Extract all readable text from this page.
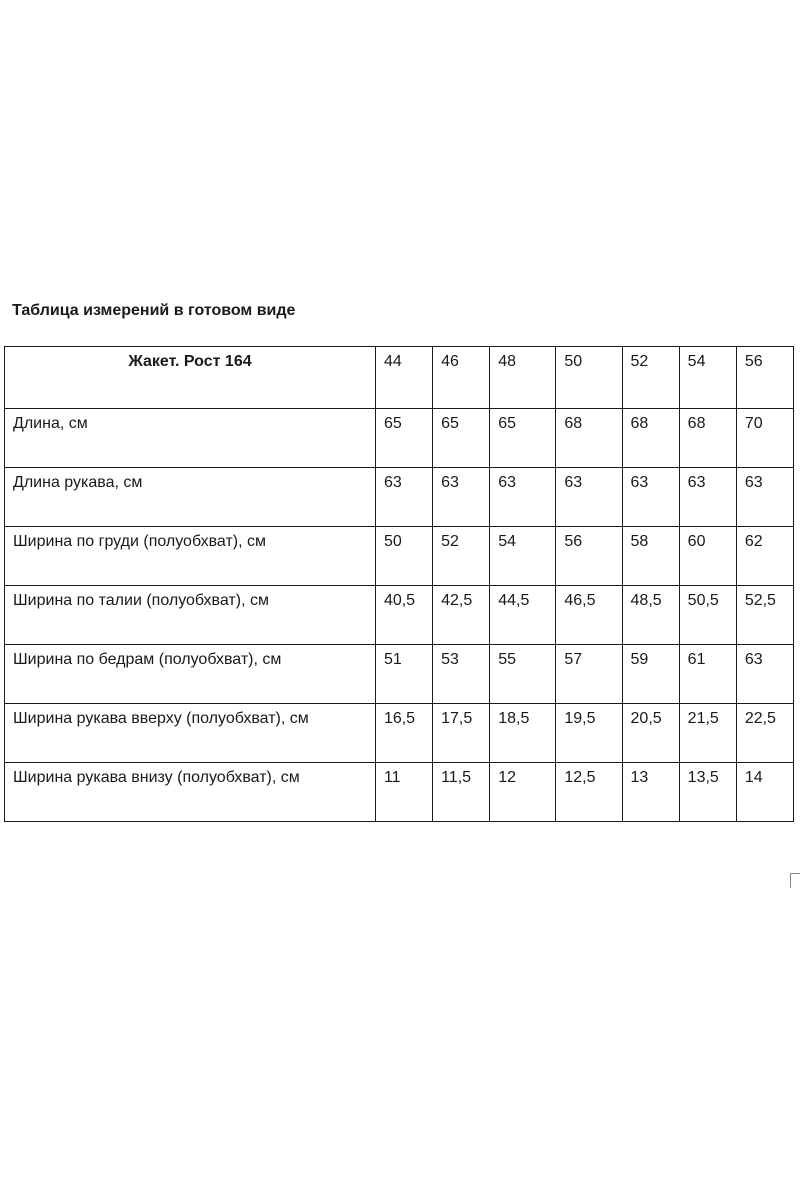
Таблица измерений в готовом виде
Жакет. Рост 164	44	46	48	50	52	54	56
Длина, см	65	65	65	68	68	68	70
Длина рукава, см	63	63	63	63	63	63	63
Ширина по груди (полуобхват), см	50	52	54	56	58	60	62
Ширина по талии (полуобхват), см	40,5	42,5	44,5	46,5	48,5	50,5	52,5
Ширина по бедрам (полуобхват), см	51	53	55	57	59	61	63
Ширина рукава вверху (полуобхват), см	16,5	17,5	18,5	19,5	20,5	21,5	22,5
Ширина рукава внизу (полуобхват), см	11	11,5	12	12,5	13	13,5	14
